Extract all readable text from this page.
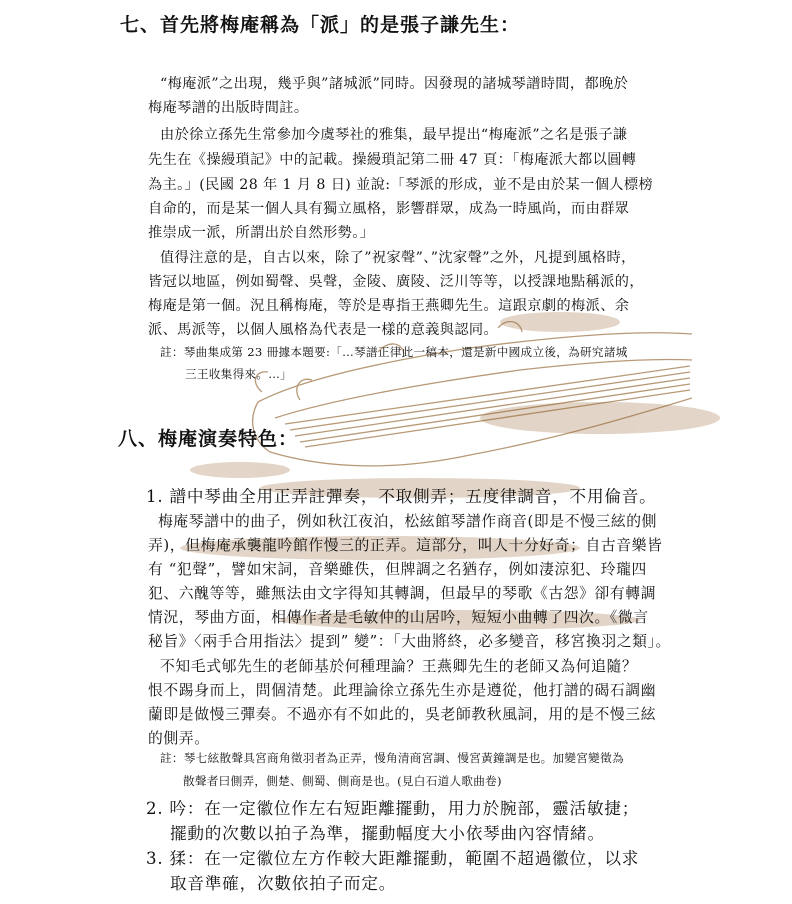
七、首先將梅庵稱為「派」的是張子謙先生：
“梅庵派”之出現，幾乎與”諸城派”同時。因發現的諸城琴譜時間，都晚於
梅庵琴譜的出版時間註。
由於徐立孫先生常參加今虞琴社的雅集，最早提出“梅庵派”之名是張子謙
先生在《操縵瑣記》中的記載。操縵瑣記第二冊 47 頁：「梅庵派大都以圓轉
為主。」(民國 28 年 1 月 8 日) 並說:「琴派的形成，並不是由於某一個人標榜
自命的，而是某一個人具有獨立風格，影響群眾，成為一時風尚，而由群眾
推崇成一派，所謂出於自然形勢。」
值得注意的是，自古以來，除了”祝家聲”、”沈家聲”之外，凡提到風格時，
皆冠以地區，例如蜀聲、吳聲，金陵、廣陵、泛川等等，以授課地點稱派的，
梅庵是第一個。況且稱梅庵，等於是專指王燕卿先生。這跟京劇的梅派、余
派、馬派等，以個人風格為代表是一樣的意義與認同。
註：琴曲集成第 23 冊據本題要:「…琴譜正律此一稿本，還是新中國成立後，為研究諸城
三王收集得來。…」
八、梅庵演奏特色：
1. 譜中琴曲全用正弄註彈奏，不取側弄；五度律調音，不用倫音。
梅庵琴譜中的曲子，例如秋江夜泊，松絃館琴譜作商音(即是不慢三絃的側
弄)，但梅庵承襲龍吟館作慢三的正弄。這部分，叫人十分好奇；自古音樂皆
有 “犯聲”，譬如宋詞，音樂雖佚，但牌調之名猶存，例如淒涼犯、玲瓏四
犯、六醜等等，雖無法由文字得知其轉調，但最早的琴歌《古怨》卻有轉調
情況，琴曲方面，相傳作者是毛敏仲的山居吟，短短小曲轉了四次。《微言
秘旨》〈兩手合用指法〉提到” 變”：「大曲將終，必多變音，移宮換羽之類」。
不知毛式郇先生的老師基於何種理論？王燕卿先生的老師又為何追隨？
恨不踢身而上，問個清楚。此理論徐立孫先生亦是遵從，他打譜的碣石調幽
蘭即是做慢三彈奏。不過亦有不如此的，吳老師教秋風詞，用的是不慢三絃
的側弄。
註：琴七絃散聲具宮商角徵羽者為正弄，慢角清商宮調、慢宮黃鐘調是也。加變宮變徵為
散聲者曰側弄，側楚、側蜀、側商是也。(見白石道人歌曲卷)
2. 吟：在一定徽位作左右短距離擺動，用力於腕部，靈活敏捷；
擺動的次數以拍子為準，擺動幅度大小依琴曲內容情緒。
3. 猱：在一定徽位左方作較大距離擺動，範圍不超過徽位，以求
取音準確，次數依拍子而定。
